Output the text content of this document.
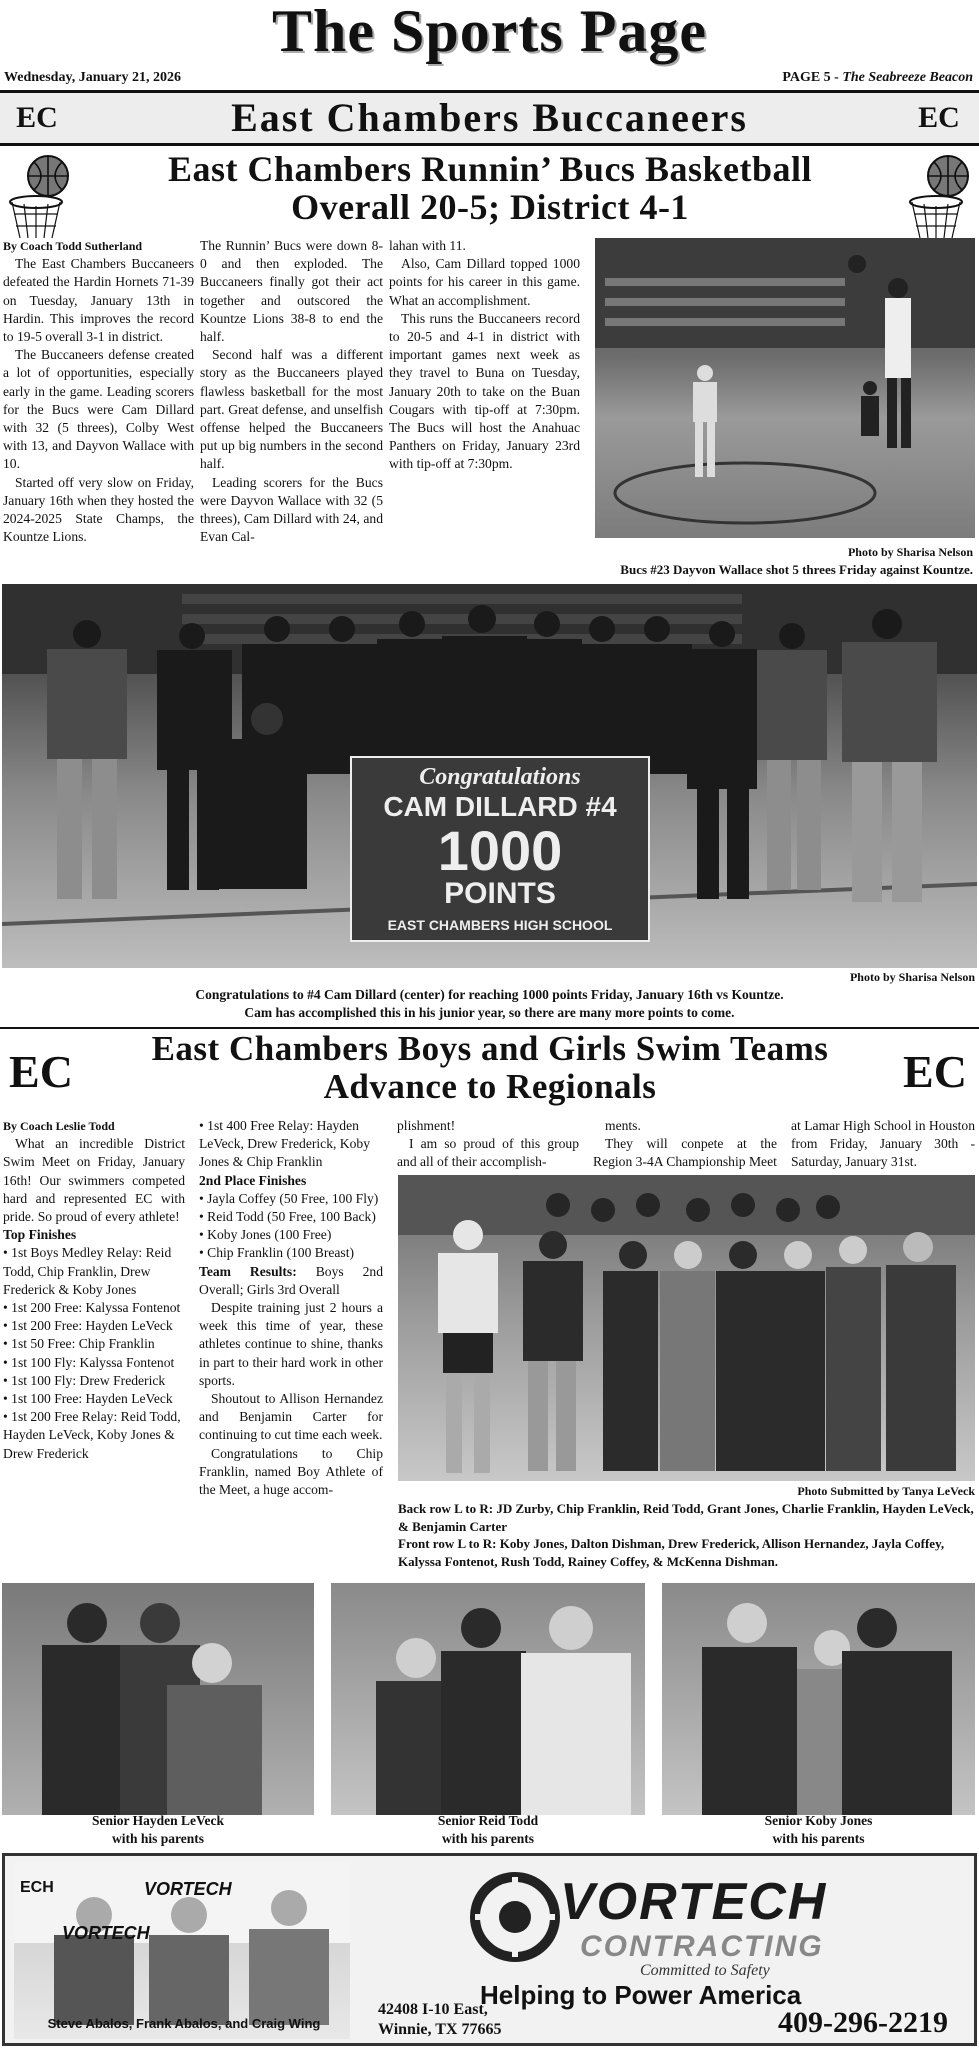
The Sports Page
Wednesday, January 21, 2026	PAGE 5 - The Seabreeze Beacon
East Chambers Buccaneers
EC	EC
East Chambers Runnin’ Bucs Basketball
Overall 20-5; District 4-1

By Coach Todd Sutherland

The East Chambers Buccaneers defeated the Hardin Hornets 71-39 on Tuesday, January 13th in Hardin. This improves the record to 19-5 overall 3-1 in district.

The Buccaneers defense created a lot of opportunities, especially early in the game. Leading scorers for the Bucs were Cam Dillard with 32 (5 threes), Colby West with 13, and Dayvon Wallace with 10.

Started off very slow on Friday, January 16th when they hosted the 2024-2025 State Champs, the Kountze Lions.

The Runnin’ Bucs were down 8-0 and then exploded. The Buccaneers finally got their act together and outscored the Kountze Lions 38-8 to end the half.

Second half was a different story as the Buccaneers played flawless basketball for the most part. Great defense, and unselfish offense helped the Buccaneers put up big numbers in the second half.

Leading scorers for the Bucs were Dayvon Wallace with 32 (5 threes), Cam Dillard with 24, and Evan Cal-

lahan with 11.

Also, Cam Dillard topped 1000 points for his career in this game. What an accomplishment.

This runs the Buccaneers record to 20-5 and 4-1 in district with important games next week as they travel to Buna on Tuesday, January 20th to take on the Buan Cougars with tip-off at 7:30pm. The Bucs will host the Anahuac Panthers on Friday, January 23rd with tip-off at 7:30pm.

Photo by Sharisa Nelson
Bucs #23 Dayvon Wallace shot 5 threes Friday against Kountze.
Congratulations
CAM DILLARD #4
1000
POINTS
EAST CHAMBERS HIGH SCHOOL
Photo by Sharisa Nelson
Congratulations to #4 Cam Dillard (center) for reaching 1000 points Friday, January 16th vs Kountze.
Cam has accomplished this in his junior year, so there are many more points to come.
EC	EC
East Chambers Boys and Girls Swim Teams
Advance to Regionals

By Coach Leslie Todd

What an incredible District Swim Meet on Friday, January 16th! Our swimmers competed hard and represented EC with pride. So proud of every athlete!

Top Finishes

• 1st Boys Medley Relay: Reid Todd, Chip Franklin, Drew Frederick & Koby Jones

• 1st 200 Free: Kalyssa Fontenot

• 1st 200 Free: Hayden LeVeck

• 1st 50 Free: Chip Franklin

• 1st 100 Fly: Kalyssa Fontenot

• 1st 100 Fly: Drew Frederick

• 1st 100 Free: Hayden LeVeck

• 1st 200 Free Relay: Reid Todd, Hayden LeVeck, Koby Jones & Drew Frederick

• 1st 400 Free Relay: Hayden LeVeck, Drew Frederick, Koby Jones & Chip Franklin

2nd Place Finishes

• Jayla Coffey (50 Free, 100 Fly)

• Reid Todd (50 Free, 100 Back)

• Koby Jones (100 Free)

• Chip Franklin (100 Breast)

Team Results: Boys 2nd Overall; Girls 3rd Overall

Despite training just 2 hours a week this time of year, these athletes continue to shine, thanks in part to their hard work in other sports.

Shoutout to Allison Hernandez and Benjamin Carter for continuing to cut time each week.

Congratulations to Chip Franklin, named Boy Athlete of the Meet, a huge accom-

plishment!

I am so proud of this group and all of their accomplish-

ments.

They will conpete at the Region 3-4A Championship Meet

at Lamar High School in Houston from Friday, January 30th - Saturday, January 31st.

Photo Submitted by Tanya LeVeck
Back row L to R: JD Zurby, Chip Franklin, Reid Todd, Grant Jones, Charlie Franklin, Hayden LeVeck, & Benjamin Carter
Front row L to R: Koby Jones, Dalton Dishman, Drew Frederick, Allison Hernandez, Jayla Coffey, Kalyssa Fontenot, Rush Todd, Rainey Coffey, & McKenna Dishman.
Senior Hayden LeVeck
with his parents
Senior Reid Todd
with his parents
Senior Koby Jones
with his parents
ECH	VORTECH
VORTECH
Steve Abalos, Frank Abalos, and Craig Wing
VORTECH
CONTRACTING
Committed to Safety
Helping to Power America
42408 I-10 East,
Winnie, TX 77665	409-296-2219
